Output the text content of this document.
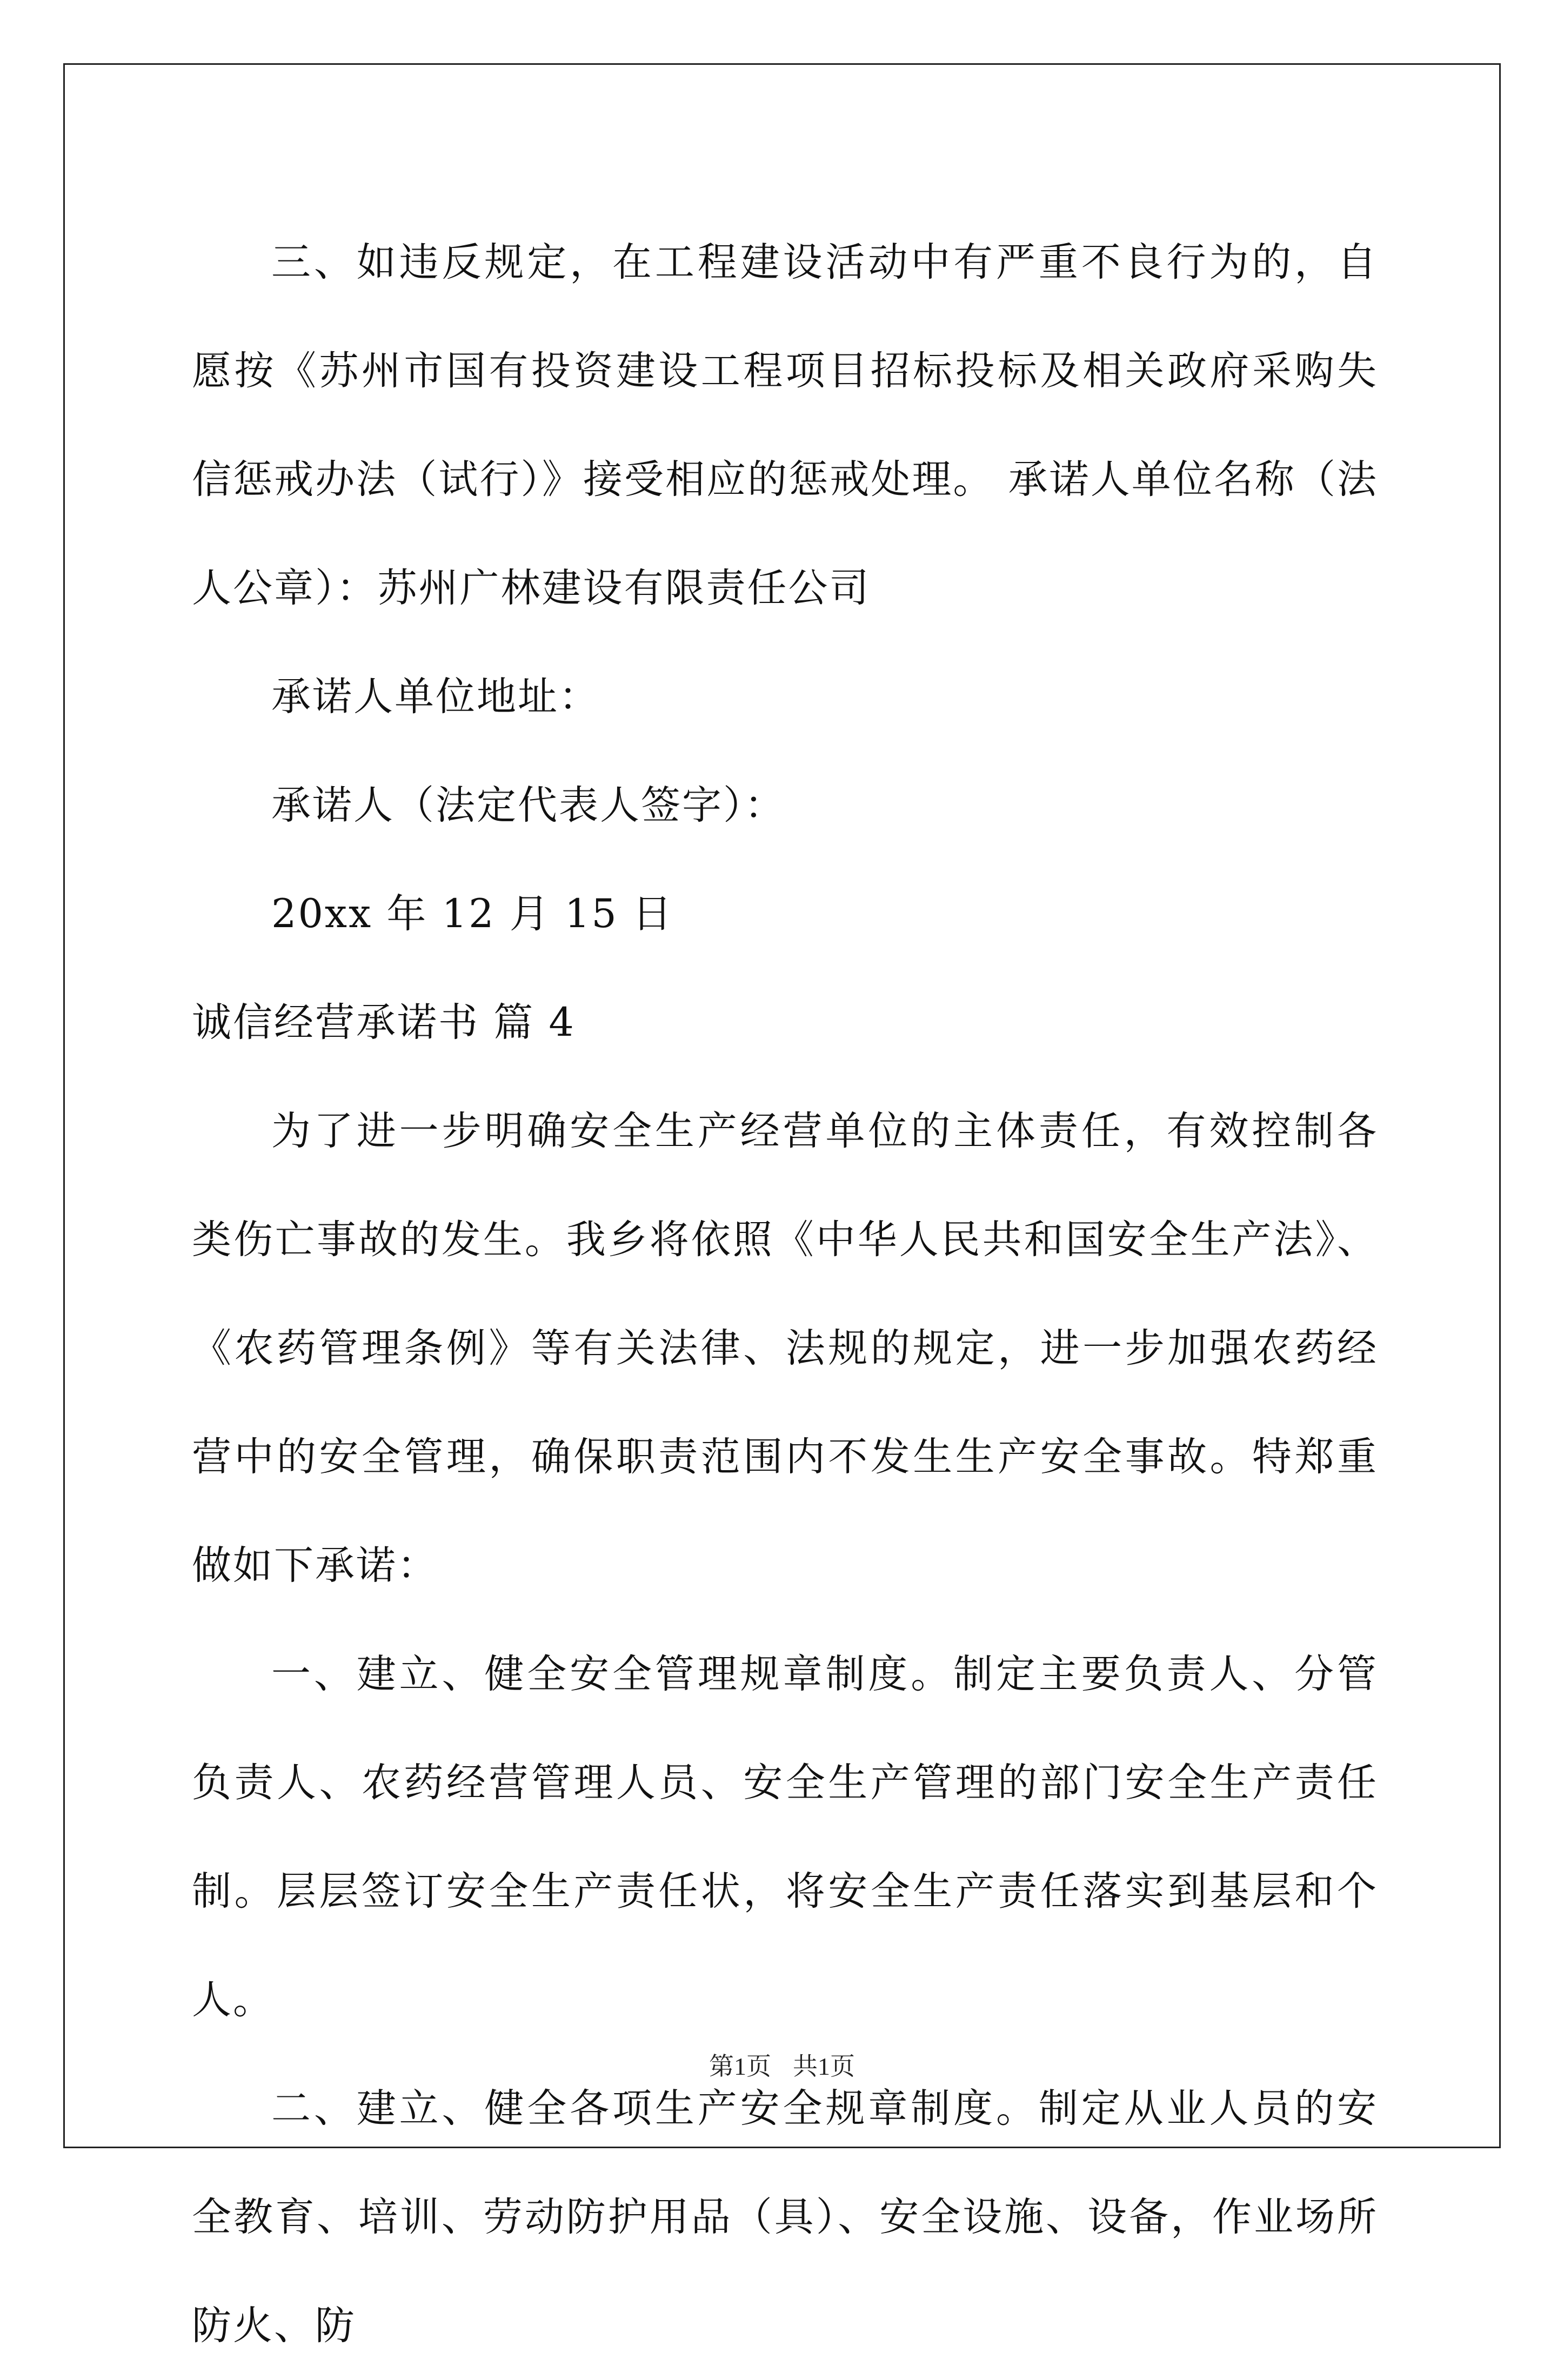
三、如违反规定，在工程建设活动中有严重不良行为的，自愿按《苏州市国有投资建设工程项目招标投标及相关政府采购失信惩戒办法（试行）》接受相应的惩戒处理。 承诺人单位名称（法人公章）：苏州广林建设有限责任公司

承诺人单位地址：

承诺人（法定代表人签字）：

20xx 年 12 月 15 日

诚信经营承诺书 篇 4

为了进一步明确安全生产经营单位的主体责任，有效控制各类伤亡事故的发生。我乡将依照《中华人民共和国安全生产法》、《农药管理条例》等有关法律、法规的规定，进一步加强农药经营中的安全管理，确保职责范围内不发生生产安全事故。特郑重做如下承诺：

一、建立、健全安全管理规章制度。制定主要负责人、分管负责人、农药经营管理人员、安全生产管理的部门安全生产责任制。层层签订安全生产责任状，将安全生产责任落实到基层和个人。

二、建立、健全各项生产安全规章制度。制定从业人员的安全教育、培训、劳动防护用品（具）、安全设施、设备，作业场所防火、防

第1页 共1页
